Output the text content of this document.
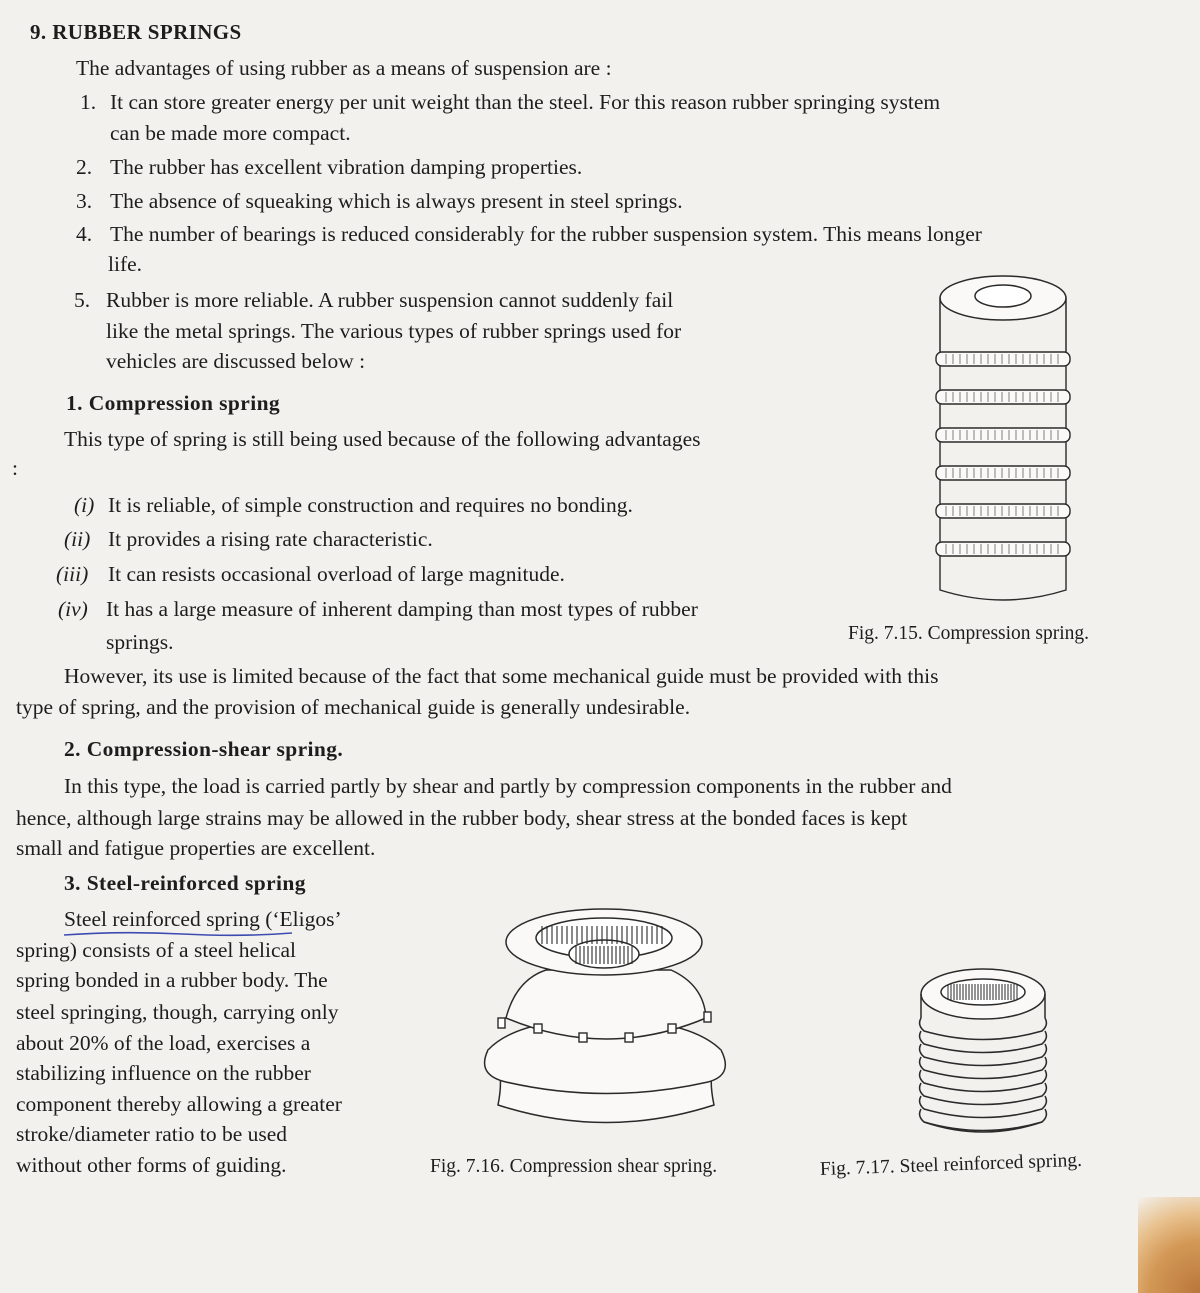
9. RUBBER SPRINGS
The advantages of using rubber as a means of suspension are :
1. It can store greater energy per unit weight than the steel. For this reason rubber springing system
can be made more compact.
2. The rubber has excellent vibration damping properties.
3. The absence of squeaking which is always present in steel springs.
4. The number of bearings is reduced considerably for the rubber suspension system. This means longer
life.
5. Rubber is more reliable. A rubber suspension cannot suddenly fail
like the metal springs. The various types of rubber springs used for
vehicles are discussed below :
1. Compression spring
This type of spring is still being used because of the following advantages
:
(i) It is reliable, of simple construction and requires no bonding.
(ii) It provides a rising rate characteristic.
(iii) It can resists occasional overload of large magnitude.
(iv) It has a large measure of inherent damping than most types of rubber
springs.
However, its use is limited because of the fact that some mechanical guide must be provided with this
type of spring, and the provision of mechanical guide is generally undesirable.
2. Compression-shear spring.
In this type, the load is carried partly by shear and partly by compression components in the rubber and
hence, although large strains may be allowed in the rubber body, shear stress at the bonded faces is kept
small and fatigue properties are excellent.
3. Steel-reinforced spring
Steel reinforced spring (‘Eligos’
spring) consists of a steel helical
spring bonded in a rubber body. The
steel springing, though, carrying only
about 20% of the load, exercises a
stabilizing influence on the rubber
component thereby allowing a greater
stroke/diameter ratio to be used
without other forms of guiding.
Fig. 7.15. Compression spring.
Fig. 7.16. Compression shear spring.	Fig. 7.17. Steel reinforced spring.
